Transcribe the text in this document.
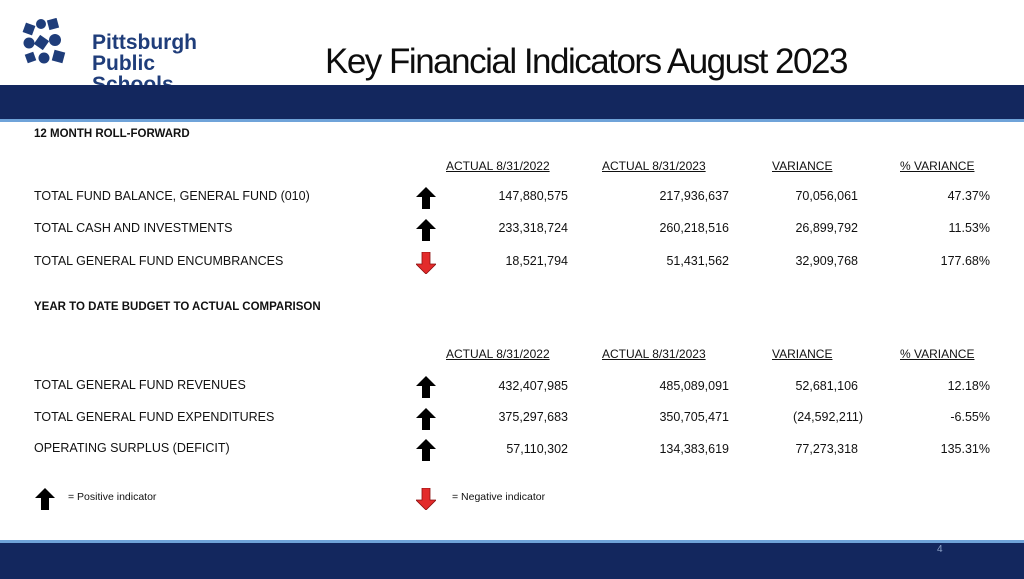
Pittsburgh
Public	Key Financial Indicators August 2023
12 MONTH ROLL-FORWARD
ACTUAL 8/31/2022	ACTUAL 8/31/2023	VARIANCE	% VARIANCE
TOTAL FUND BALANCE, GENERAL FUND (010)	147,880,575	217,936,637	70,056,061	47.37%
TOTAL CASH AND INVESTMENTS	233,318,724	260,218,516	26,899,792	11.53%
TOTAL GENERAL FUND ENCUMBRANCES	18,521,794	51,431,562	32,909,768	177.68%
YEAR TO DATE BUDGET TO ACTUAL COMPARISON
ACTUAL 8/31/2022	ACTUAL 8/31/2023	VARIANCE	% VARIANCE
TOTAL GENERAL FUND REVENUES	432,407,985	485,089,091	52,681,106	12.18%
TOTAL GENERAL FUND EXPENDITURES	375,297,683	350,705,471	(24,592,211)	-6.55%
OPERATING SURPLUS (DEFICIT)	57,110,302	134,383,619	77,273,318	135.31%
= Positive indicator	= Negative indicator
4
